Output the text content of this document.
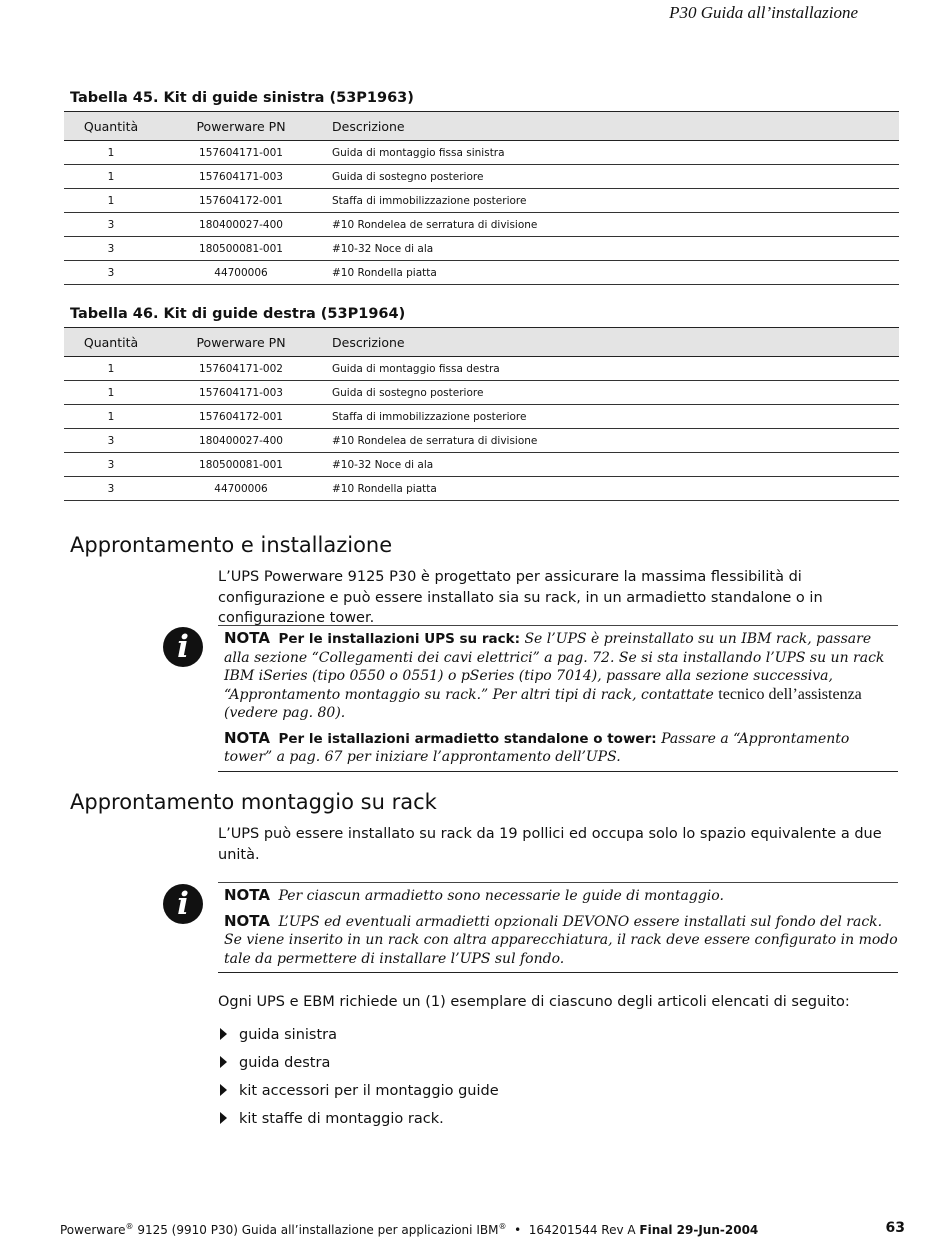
P30 Guida all’installazione
Tabella 45. Kit di guide sinistra (53P1963)
Quantità	Powerware PN	Descrizione
1	157604171-001	Guida di montaggio fissa sinistra
1	157604171-003	Guida di sostegno posteriore
1	157604172-001	Staffa di immobilizzazione posteriore
3	180400027-400	#10 Rondelea de serratura di divisione
3	180500081-001	#10-32 Noce di ala
3	44700006	#10 Rondella piatta
Tabella 46. Kit di guide destra (53P1964)
Quantità	Powerware PN	Descrizione
1	157604171-002	Guida di montaggio fissa destra
1	157604171-003	Guida di sostegno posteriore
1	157604172-001	Staffa di immobilizzazione posteriore
3	180400027-400	#10 Rondelea de serratura di divisione
3	180500081-001	#10-32 Noce di ala
3	44700006	#10 Rondella piatta
Approntamento e installazione

L’UPS Powerware 9125 P30 è progettato per assicurare la massima flessibilità di configurazione e può essere installato sia su rack, in un armadietto standalone o in configurazione tower.

i	NOTA Per le installazioni UPS su rack: Se l’UPS è preinstallato su un IBM rack, passare alla sezione “Collegamenti dei cavi elettrici” a pag. 72. Se si sta installando l’UPS su un rack IBM iSeries (tipo 0550 o 0551) o pSeries (tipo 7014), passare alla sezione successiva, “Approntamento montaggio su rack.” Per altri tipi di rack, contattate tecnico dell’assistenza (vedere pag. 80).

NOTA Per le istallazioni armadietto standalone o tower: Passare a “Approntamento tower” a pag. 67 per iniziare l’approntamento dell’UPS.

Approntamento montaggio su rack

L’UPS può essere installato su rack da 19 pollici ed occupa solo lo spazio equivalente a due unità.

i	NOTA Per ciascun armadietto sono necessarie le guide di montaggio.

NOTA L’UPS ed eventuali armadietti opzionali DEVONO essere installati sul fondo del rack. Se viene inserito in un rack con altra apparecchiatura, il rack deve essere configurato in modo tale da permettere di installare l’UPS sul fondo.

Ogni UPS e EBM richiede un (1) esemplare di ciascuno degli articoli elencati di seguito:

guida sinistra
guida destra
kit accessori per il montaggio guide
kit staffe di montaggio rack.
Powerware® 9125 (9910 P30) Guida all’installazione per applicazioni IBM®  •  164201544 Rev A Final 29-Jun-2004	63
